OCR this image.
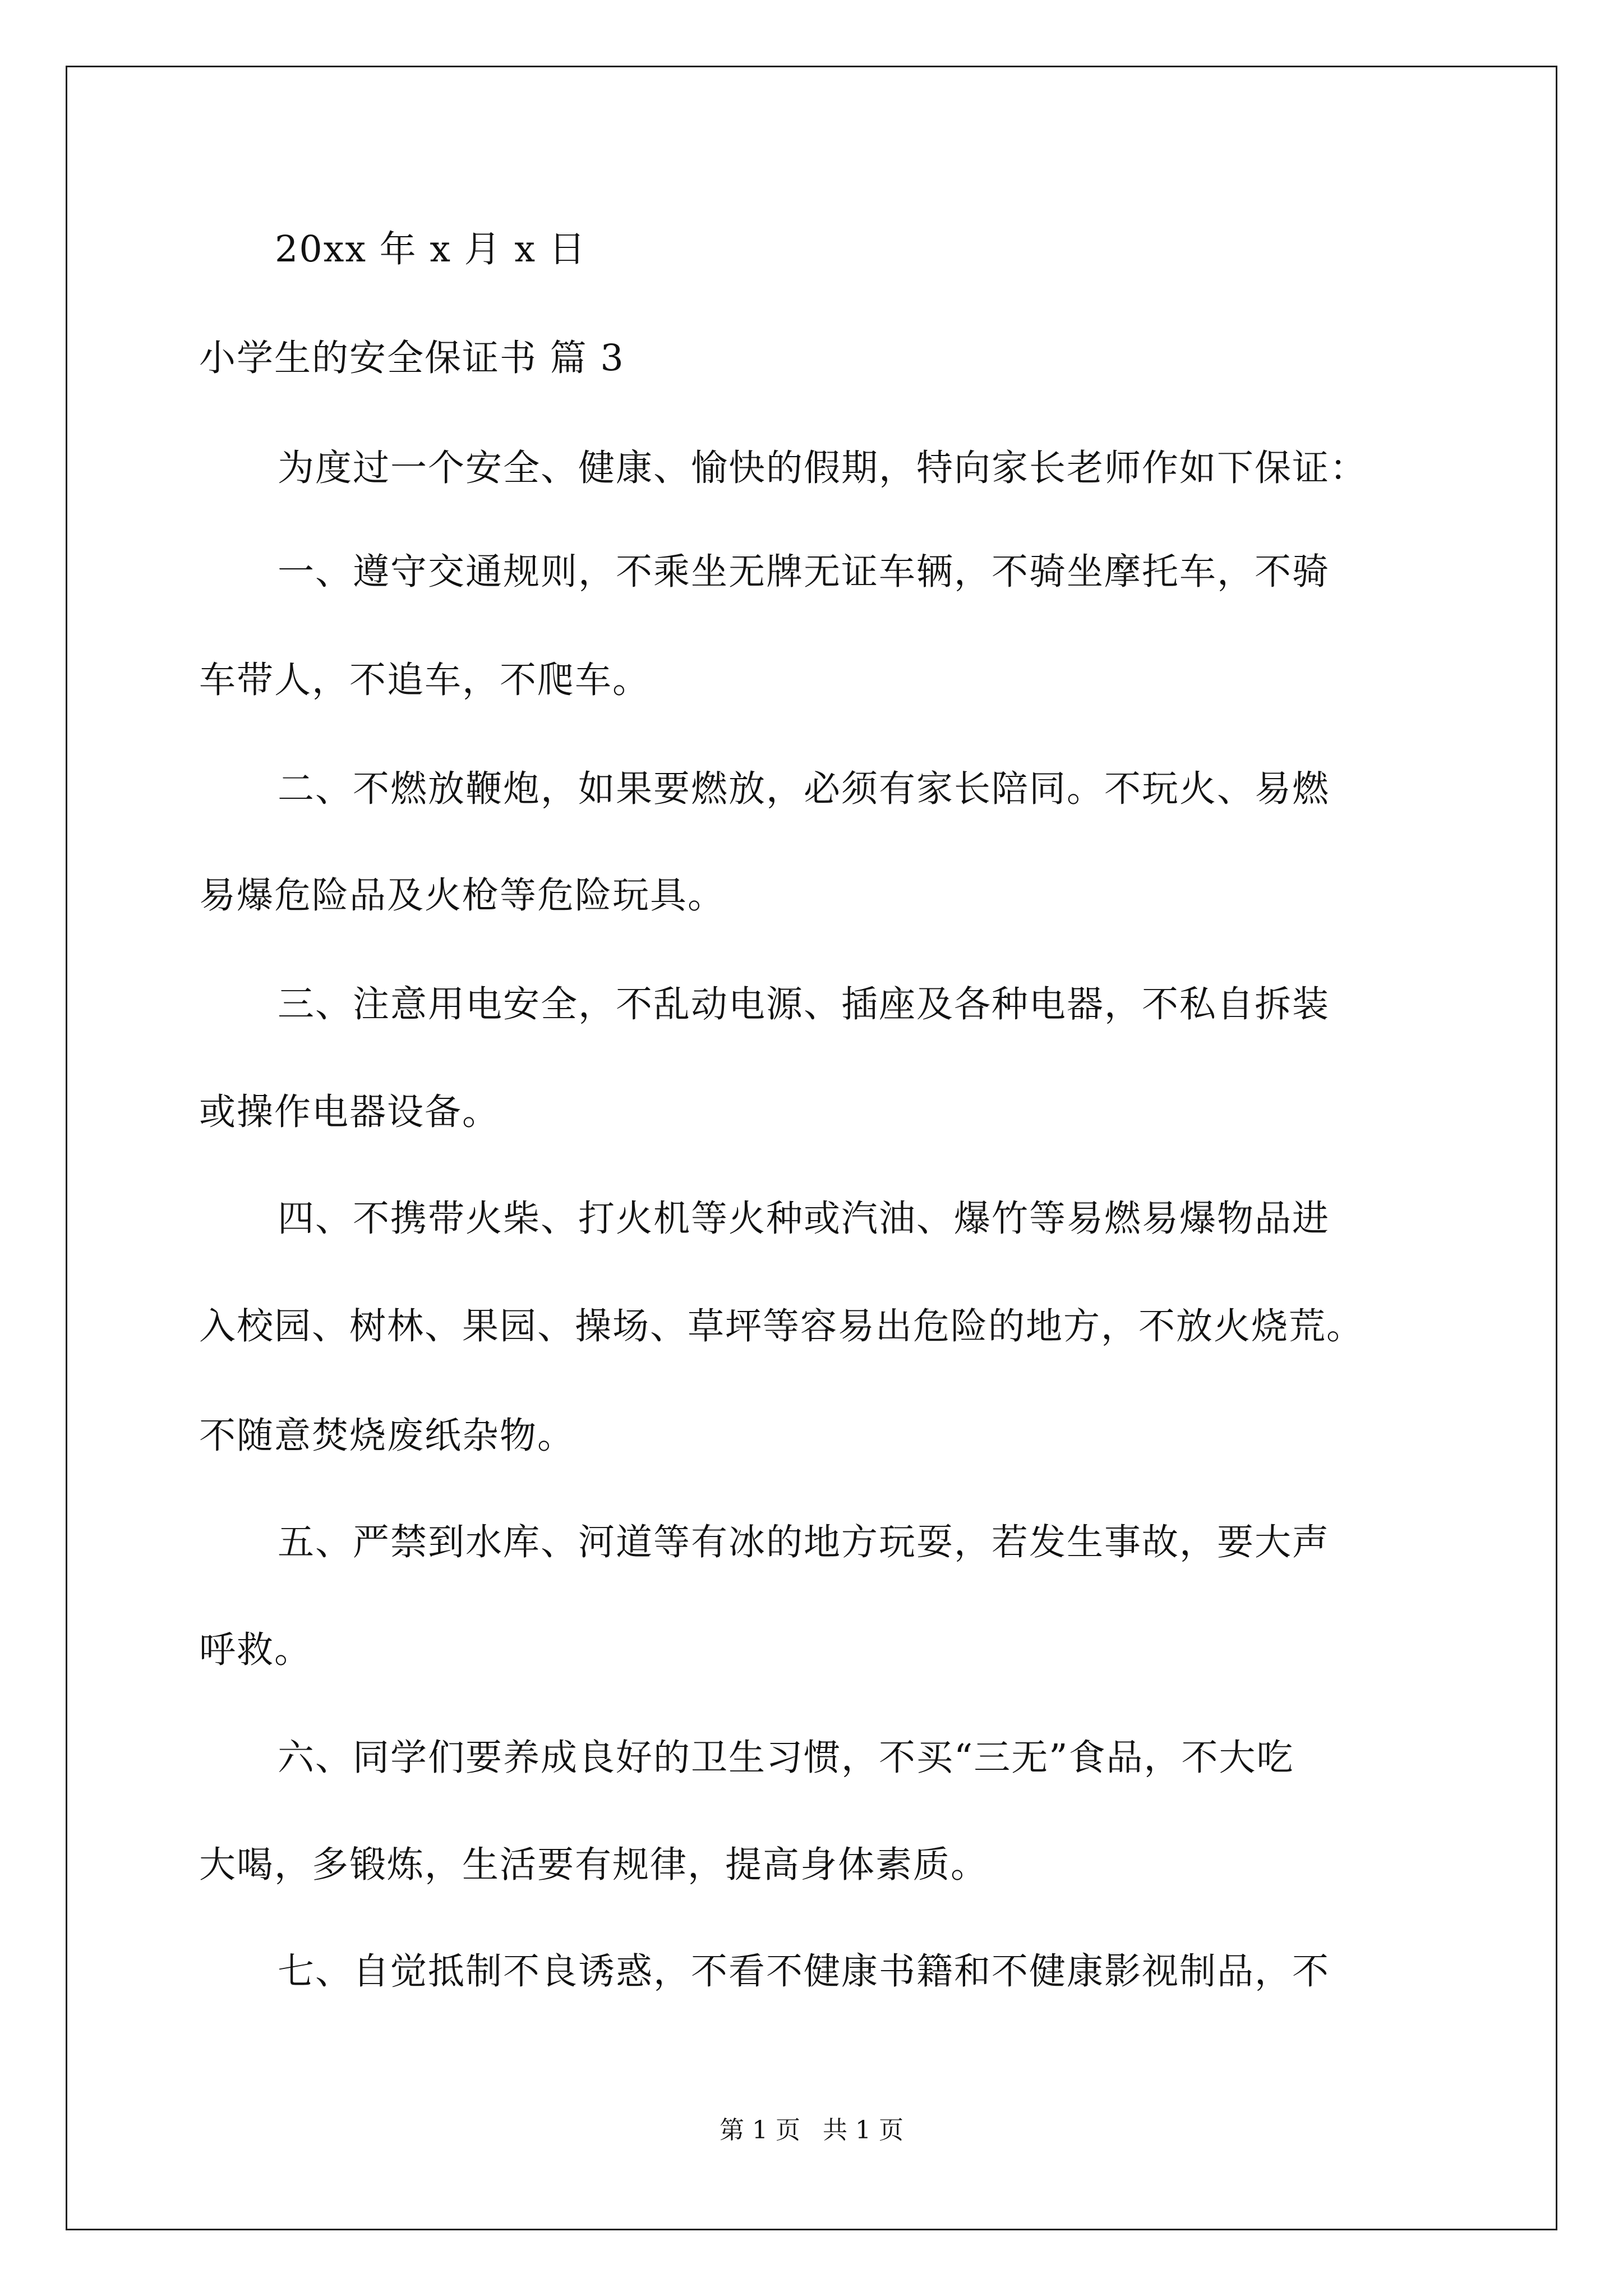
20xx 年 x 月 x 日
小学生的安全保证书 篇 3
为度过一个安全、健康、愉快的假期，特向家长老师作如下保证：
一、遵守交通规则，不乘坐无牌无证车辆，不骑坐摩托车，不骑
车带人，不追车，不爬车。
二、不燃放鞭炮，如果要燃放，必须有家长陪同。不玩火、易燃
易爆危险品及火枪等危险玩具。
三、注意用电安全，不乱动电源、插座及各种电器，不私自拆装
或操作电器设备。
四、不携带火柴、打火机等火种或汽油、爆竹等易燃易爆物品进
入校园、树林、果园、操场、草坪等容易出危险的地方，不放火烧荒。
不随意焚烧废纸杂物。
五、严禁到水库、河道等有冰的地方玩耍，若发生事故，要大声
呼救。
六、同学们要养成良好的卫生习惯，不买“三无”食品，不大吃
大喝，多锻炼，生活要有规律，提高身体素质。
七、自觉抵制不良诱惑，不看不健康书籍和不健康影视制品，不
第 1 页 共 1 页
